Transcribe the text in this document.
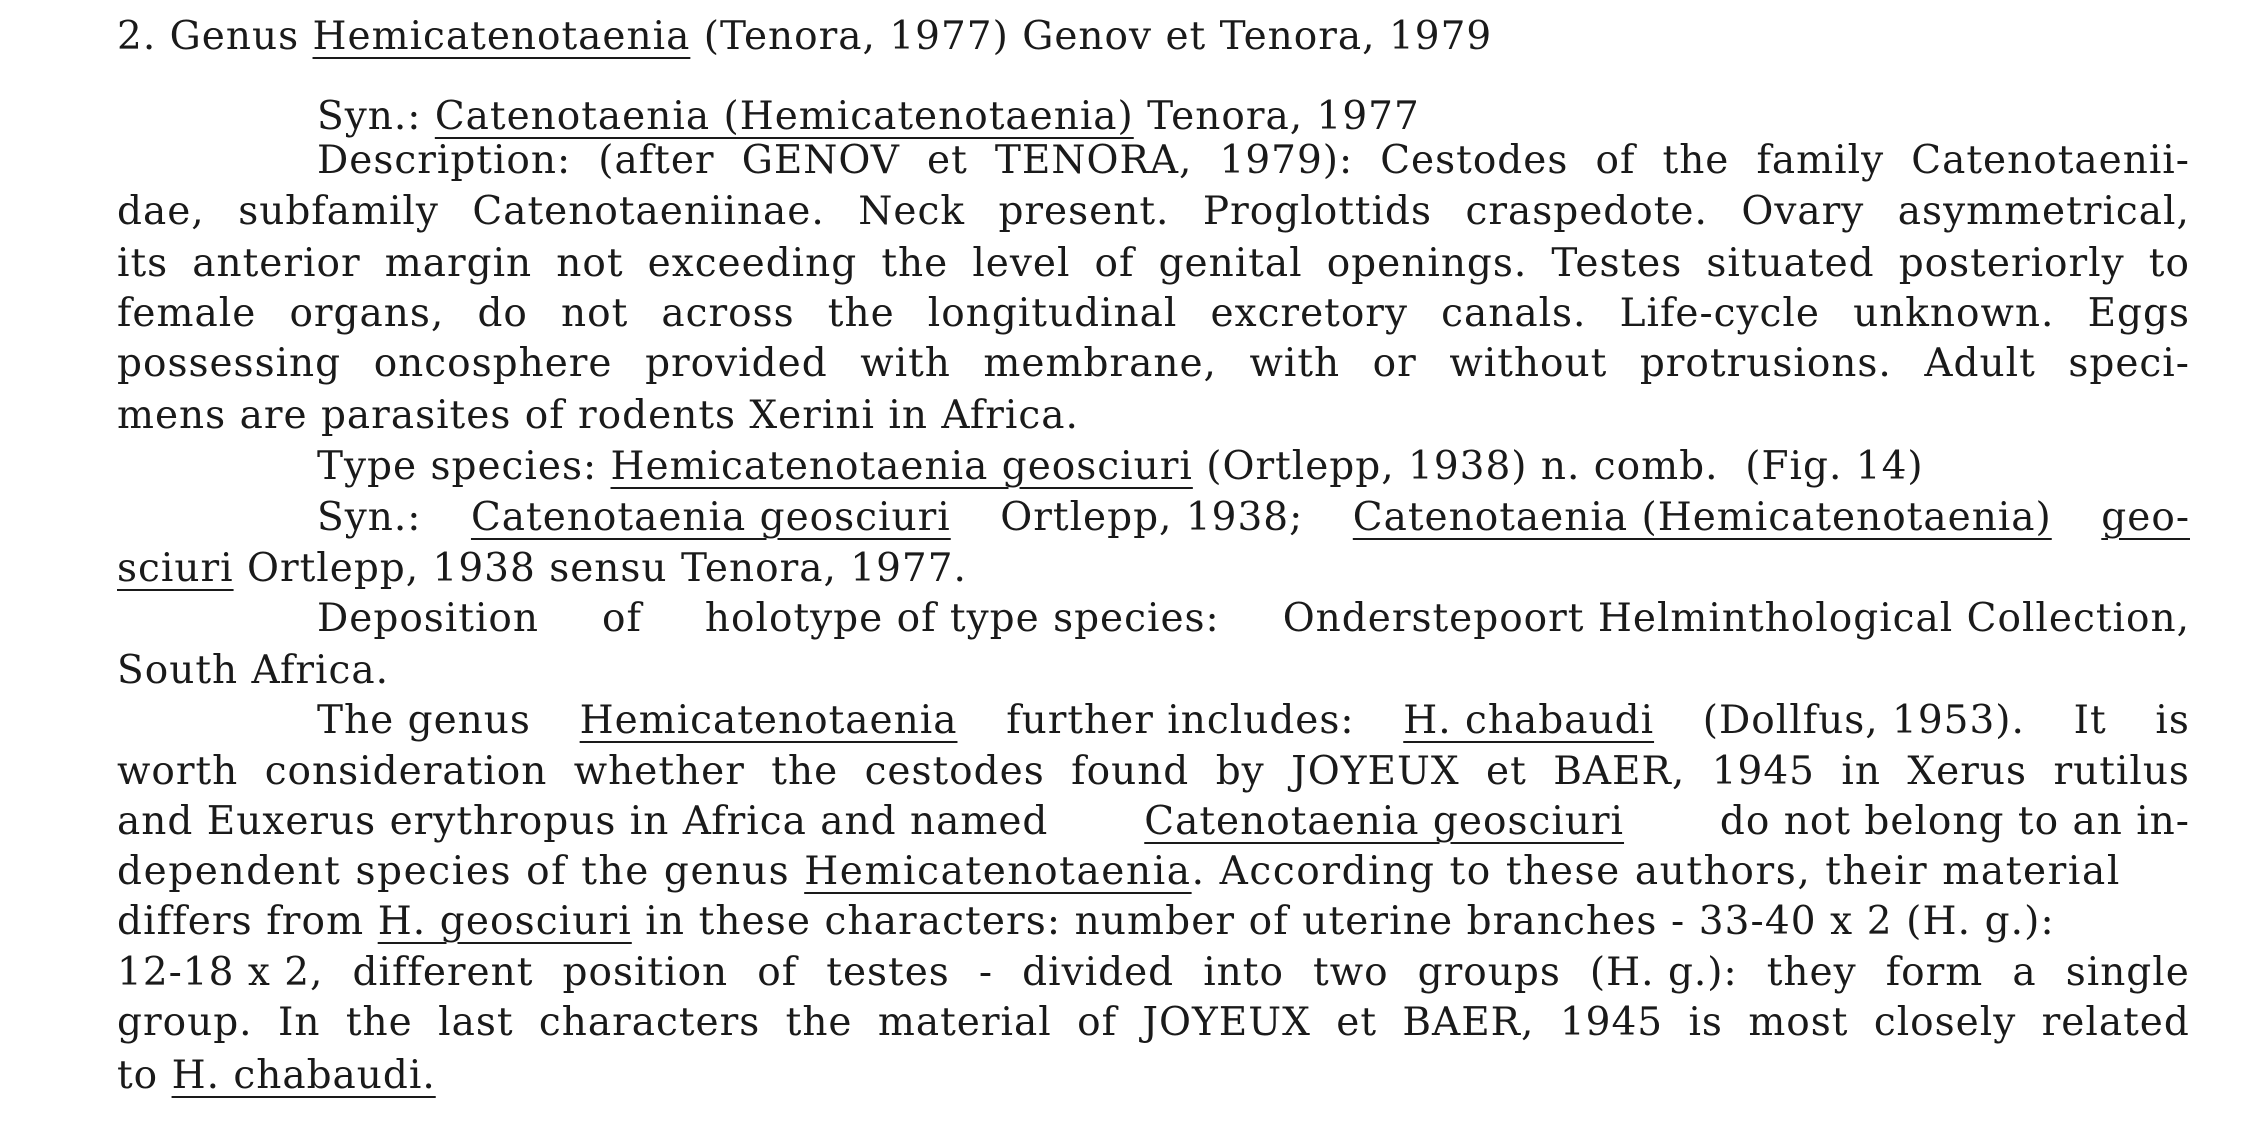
2. Genus Hemicatenotaenia (Tenora, 1977) Genov et Tenora, 1979
Syn.: Catenotaenia (Hemicatenotaenia) Tenora, 1977
Description: (after GENOV et TENORA, 1979): Cestodes of the family Catenotaenii-
dae, subfamily Catenotaeniinae. Neck present. Proglottids craspedote. Ovary asymmetrical,
its anterior margin not exceeding the level of genital openings. Testes situated posteriorly to
female organs, do not across the longitudinal excretory canals. Life-cycle unknown. Eggs
possessing oncosphere provided with membrane, with or without protrusions. Adult speci-
mens are parasites of rodents Xerini in Africa.
Type species: Hemicatenotaenia geosciuri (Ortlepp, 1938) n. comb. (Fig. 14)
Syn.: Catenotaenia geosciuri Ortlepp, 1938; Catenotaenia (Hemicatenotaenia) geo-
sciuri Ortlepp, 1938 sensu Tenora, 1977.
Deposition of holotype of type species: Onderstepoort Helminthological Collection,
South Africa.
The genus Hemicatenotaenia further includes: H. chabaudi (Dollfus, 1953). It is
worth consideration whether the cestodes found by JOYEUX et BAER, 1945 in Xerus rutilus
and Euxerus erythropus in Africa and named Catenotaenia geosciuri do not belong to an in-
dependent species of the genus Hemicatenotaenia. According to these authors, their material
differs from H. geosciuri in these characters: number of uterine branches - 33-40 x 2 (H. g.):
12-18 x 2, different position of testes - divided into two groups (H. g.): they form a single
group. In the last characters the material of JOYEUX et BAER, 1945 is most closely related
to H. chabaudi.
